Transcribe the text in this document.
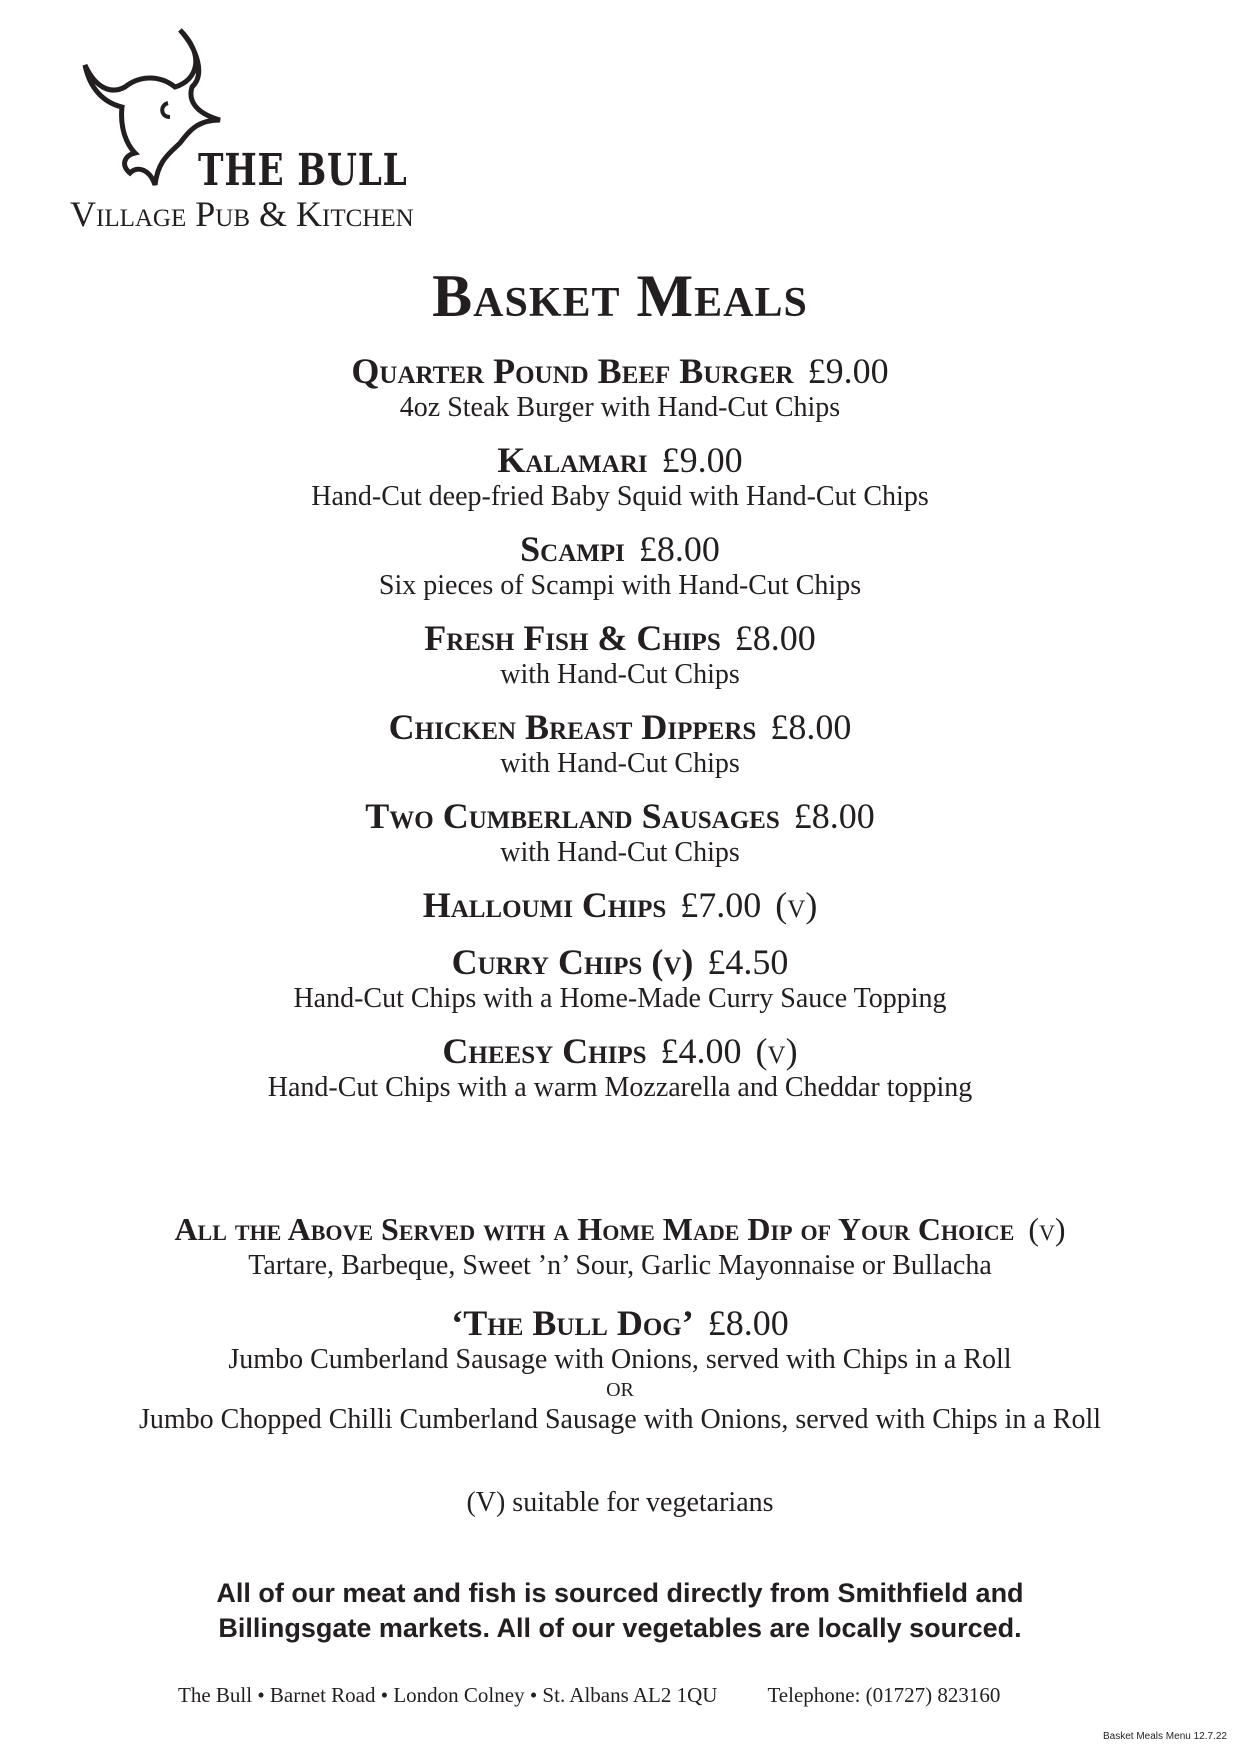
THE BULL
Village Pub & Kitchen
Basket Meals
Quarter Pound Beef Burger £9.00
4oz Steak Burger with Hand-Cut Chips
Kalamari £9.00
Hand-Cut deep-fried Baby Squid with Hand-Cut Chips
Scampi £8.00
Six pieces of Scampi with Hand-Cut Chips
Fresh Fish & Chips £8.00
with Hand-Cut Chips
Chicken Breast Dippers £8.00
with Hand-Cut Chips
Two Cumberland Sausages £8.00
with Hand-Cut Chips
Halloumi Chips £7.00 (v)
Curry Chips (v) £4.50
Hand-Cut Chips with a Home-Made Curry Sauce Topping
Cheesy Chips £4.00 (v)
Hand-Cut Chips with a warm Mozzarella and Cheddar topping
All the Above Served with a Home Made Dip of Your Choice (v)
Tartare, Barbeque, Sweet ’n’ Sour, Garlic Mayonnaise or Bullacha
‘The Bull Dog’ £8.00
Jumbo Cumberland Sausage with Onions, served with Chips in a Roll
OR
Jumbo Chopped Chilli Cumberland Sausage with Onions, served with Chips in a Roll
(V) suitable for vegetarians
All of our meat and fish is sourced directly from Smithfield and
Billingsgate markets. All of our vegetables are locally sourced.
The Bull • Barnet Road • London Colney • St. Albans AL2 1QU Telephone: (01727) 823160
Basket Meals Menu 12.7.22
